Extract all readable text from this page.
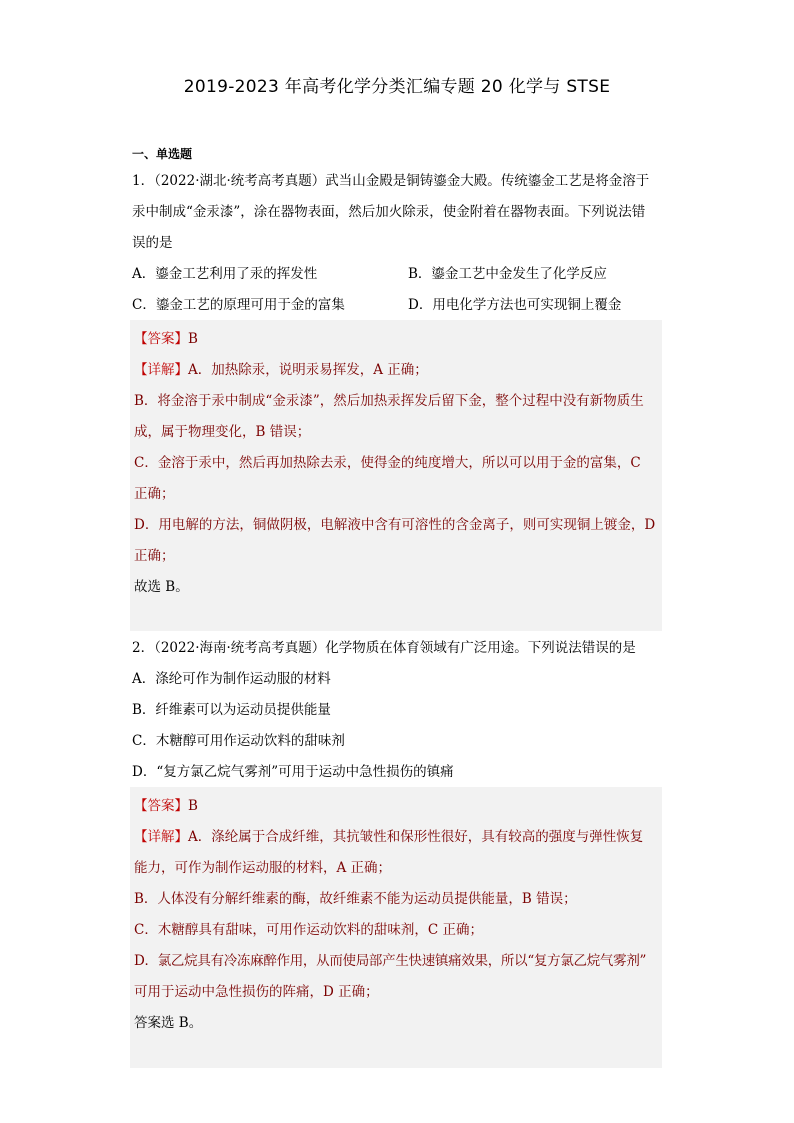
2019-2023 年高考化学分类汇编专题 20 化学与 STSE
一、单选题
1．（2022·湖北·统考高考真题）武当山金殿是铜铸鎏金大殿。传统鎏金工艺是将金溶于
汞中制成“金汞漆”，涂在器物表面，然后加火除汞，使金附着在器物表面。下列说法错
误的是
A．鎏金工艺利用了汞的挥发性	B．鎏金工艺中金发生了化学反应
C．鎏金工艺的原理可用于金的富集	D．用电化学方法也可实现铜上覆金
【答案】B
【详解】A．加热除汞，说明汞易挥发，A 正确；
B．将金溶于汞中制成“金汞漆”，然后加热汞挥发后留下金，整个过程中没有新物质生
成，属于物理变化，B 错误；
C．金溶于汞中，然后再加热除去汞，使得金的纯度增大，所以可以用于金的富集，C
正确；
D．用电解的方法，铜做阴极，电解液中含有可溶性的含金离子，则可实现铜上镀金，D
正确；
故选 B。
2．（2022·海南·统考高考真题）化学物质在体育领域有广泛用途。下列说法错误的是
A．涤纶可作为制作运动服的材料
B．纤维素可以为运动员提供能量
C．木糖醇可用作运动饮料的甜味剂
D．“复方氯乙烷气雾剂”可用于运动中急性损伤的镇痛
【答案】B
【详解】A．涤纶属于合成纤维，其抗皱性和保形性很好，具有较高的强度与弹性恢复
能力，可作为制作运动服的材料，A 正确；
B．人体没有分解纤维素的酶，故纤维素不能为运动员提供能量，B 错误；
C．木糖醇具有甜味，可用作运动饮料的甜味剂，C 正确；
D．氯乙烷具有冷冻麻醉作用，从而使局部产生快速镇痛效果，所以“复方氯乙烷气雾剂”
可用于运动中急性损伤的阵痛，D 正确；
答案选 B。
